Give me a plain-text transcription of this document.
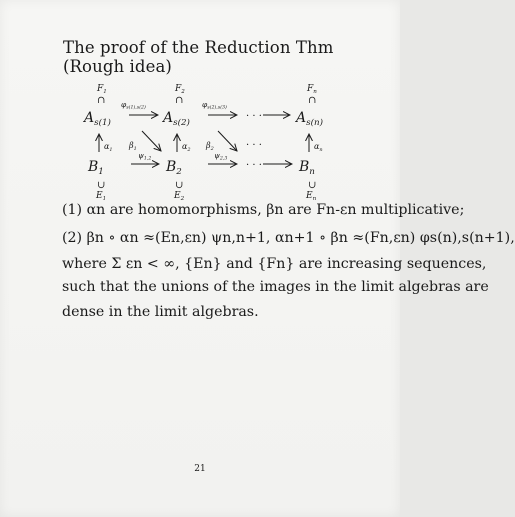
The proof of the Reduction Thm (Rough idea)
$F_1$	$F_2$	$F_n$
∩	∩	∩
$A_{s(1)}$	$A_{s(2)}$	$A_{s(n)}$
$\varphi_{s(1),s(2)}$	$\varphi_{s(2),s(3)}$
· · ·
$\alpha_1$	$\alpha_2$	$\alpha_n$
$\beta_1$	$\beta_2$	· · ·
$B_1$	$B_2$	$B_n$
$\psi_{1,2}$	$\psi_{2,3}$
· · ·
∪	∪	∪
$E_1$	$E_2$	$E_n$
(1) αn are homomorphisms, βn are Fn-εn multiplicative;
(2) βn ∘ αn ≈(En,εn) ψn,n+1, αn+1 ∘ βn ≈(Fn,εn) φs(n),s(n+1),
where Σ εn < ∞, {En} and {Fn} are increasing sequences,
such that the unions of the images in the limit algebras are
dense in the limit algebras.
21
